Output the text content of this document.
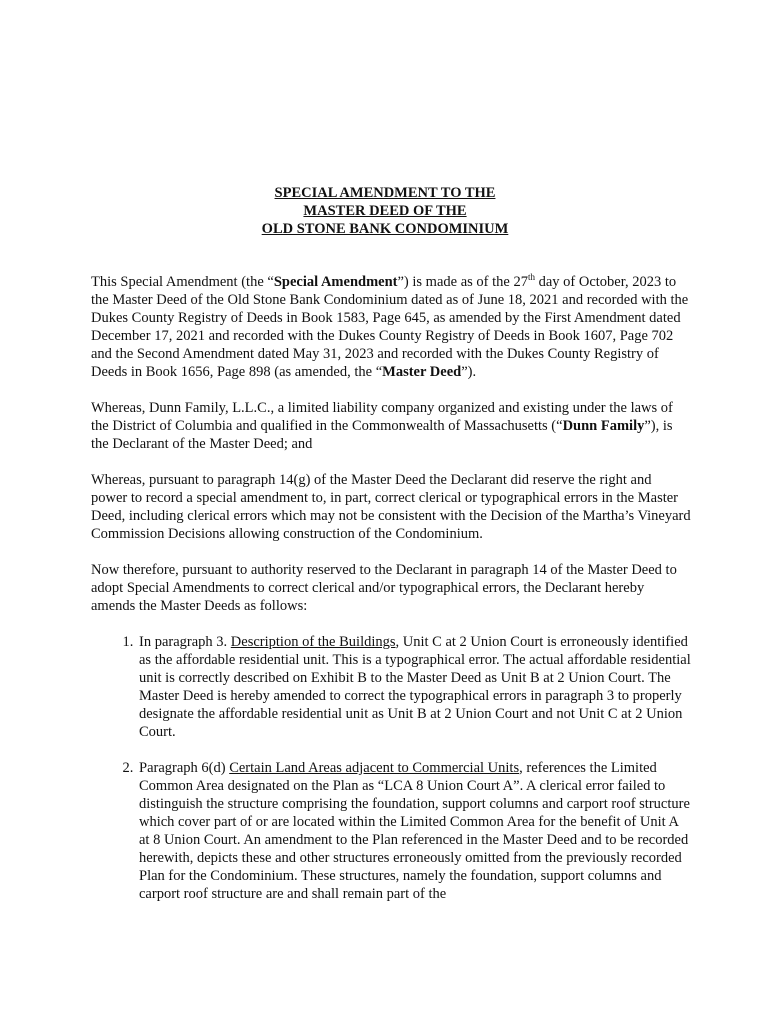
SPECIAL AMENDMENT TO THE
MASTER DEED OF THE
OLD STONE BANK CONDOMINIUM

This Special Amendment (the “Special Amendment”) is made as of the 27th day of October, 2023 to the Master Deed of the Old Stone Bank Condominium dated as of June 18, 2021 and recorded with the Dukes County Registry of Deeds in Book 1583, Page 645, as amended by the First Amendment dated December 17, 2021 and recorded with the Dukes County Registry of Deeds in Book 1607, Page 702 and the Second Amendment dated May 31, 2023 and recorded with the Dukes County Registry of Deeds in Book 1656, Page 898 (as amended, the “Master Deed”).

Whereas, Dunn Family, L.L.C., a limited liability company organized and existing under the laws of the District of Columbia and qualified in the Commonwealth of Massachusetts (“Dunn Family”), is the Declarant of the Master Deed; and

Whereas, pursuant to paragraph 14(g) of the Master Deed the Declarant did reserve the right and power to record a special amendment to, in part, correct clerical or typographical errors in the Master Deed, including clerical errors which may not be consistent with the Decision of the Martha’s Vineyard Commission Decisions allowing construction of the Condominium.

Now therefore, pursuant to authority reserved to the Declarant in paragraph 14 of the Master Deed to adopt Special Amendments to correct clerical and/or typographical errors, the Declarant hereby amends the Master Deeds as follows:

1. In paragraph 3. Description of the Buildings, Unit C at 2 Union Court is erroneously identified as the affordable residential unit. This is a typographical error. The actual affordable residential unit is correctly described on Exhibit B to the Master Deed as Unit B at 2 Union Court. The Master Deed is hereby amended to correct the typographical errors in paragraph 3 to properly designate the affordable residential unit as Unit B at 2 Union Court and not Unit C at 2 Union Court.
2. Paragraph 6(d) Certain Land Areas adjacent to Commercial Units, references the Limited Common Area designated on the Plan as “LCA 8 Union Court A”. A clerical error failed to distinguish the structure comprising the foundation, support columns and carport roof structure which cover part of or are located within the Limited Common Area for the benefit of Unit A at 8 Union Court. An amendment to the Plan referenced in the Master Deed and to be recorded herewith, depicts these and other structures erroneously omitted from the previously recorded Plan for the Condominium. These structures, namely the foundation, support columns and carport roof structure are and shall remain part of the
